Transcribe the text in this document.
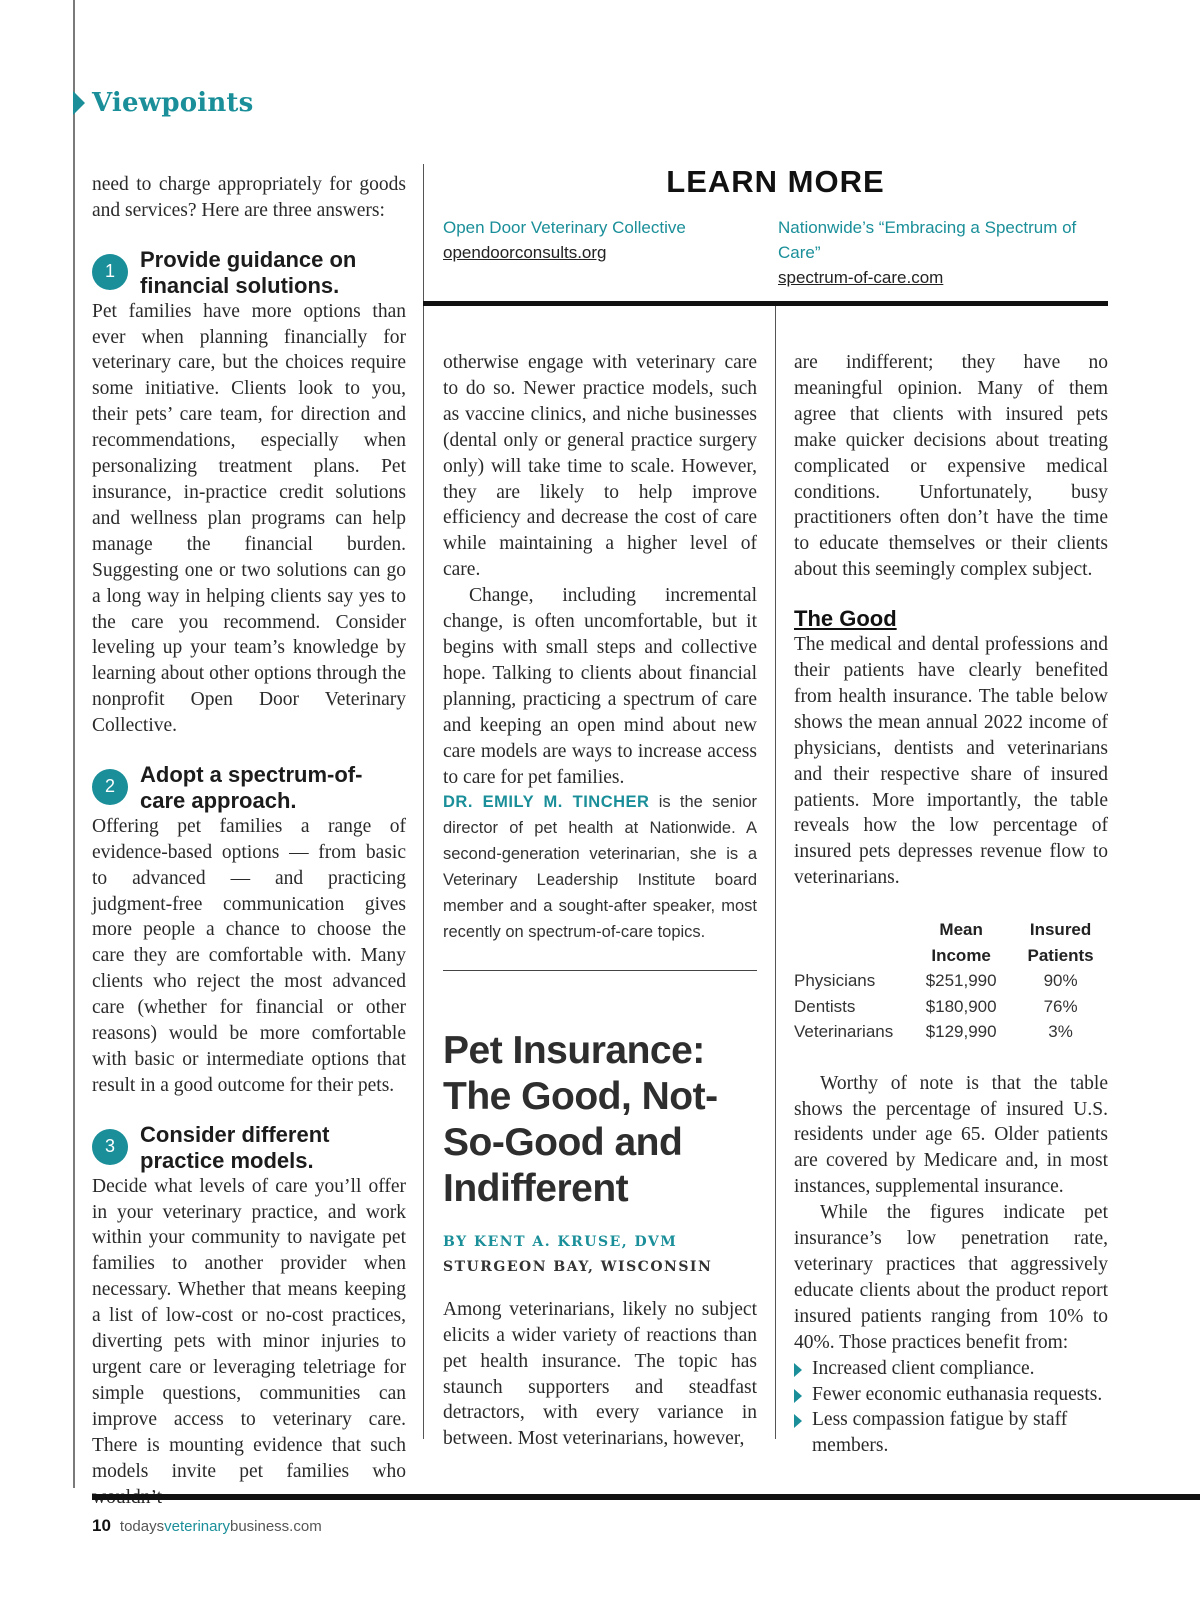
Viewpoints

need to charge appropriately for goods and services? Here are three answers:

1	Provide guidance on financial solutions.

Pet families have more options than ever when planning financially for veterinary care, but the choices require some initiative. Clients look to you, their pets’ care team, for direction and recommendations, especially when personalizing treatment plans. Pet insurance, in-practice credit solutions and wellness plan programs can help manage the financial burden. Suggesting one or two solutions can go a long way in helping clients say yes to the care you recommend. Consider leveling up your team’s knowledge by learning about other options through the nonprofit Open Door Veterinary Collective.

2	Adopt a spectrum-of-care approach.

Offering pet families a range of evidence-based options — from basic to advanced — and practicing judgment-free communication gives more people a chance to choose the care they are comfortable with. Many clients who reject the most advanced care (whether for financial or other reasons) would be more comfortable with basic or intermediate options that result in a good outcome for their pets.

3	Consider different practice models.

Decide what levels of care you’ll offer in your veterinary practice, and work within your community to navigate pet families to another provider when necessary. Whether that means keeping a list of low-cost or no-cost practices, diverting pets with minor injuries to urgent care or leveraging teletriage for simple questions, communities can improve access to veterinary care. There is mounting evidence that such models invite pet families who

LEARN MORE
Open Door Veterinary Collective
opendoorconsults.org
Nationwide’s “Embracing a Spectrum of Care”
spectrum-of-care.com

otherwise engage with veterinary care to do so. Newer practice models, such as vaccine clinics, and niche businesses (dental only or general practice surgery only) will take time to scale. However, they are likely to help improve efficiency and decrease the cost of care while maintaining a higher level of care.

Change, including incremental change, is often uncomfortable, but it begins with small steps and collective hope. Talking to clients about financial planning, practicing a spectrum of care and keeping an open mind about new care models are ways to increase access to care for pet families.

DR. EMILY M. TINCHER is the senior director of pet health at Nationwide. A second-generation veterinarian, she is a Veterinary Leadership Institute board member and a sought-after speaker, most recently on spectrum-of-care topics.

Pet Insurance: The Good, Not-So-Good and Indifferent
BY KENT A. KRUSE, DVM
STURGEON BAY, WISCONSIN

Among veterinarians, likely no subject elicits a wider variety of reactions than pet health insurance. The topic has staunch supporters and steadfast detractors, with every variance in between. Most veterinarians, however,

are indifferent; they have no meaningful opinion. Many of them agree that clients with insured pets make quicker decisions about treating complicated or expensive medical conditions. Unfortunately, busy practitioners often don’t have the time to educate themselves or their clients about this seemingly complex subject.

The Good

The medical and dental professions and their patients have clearly benefited from health insurance. The table below shows the mean annual 2022 income of physicians, dentists and veterinarians and their respective share of insured patients. More importantly, the table reveals how the low percentage of insured pets depresses revenue flow to veterinarians.

	Mean Income	Insured Patients
Physicians	$251,990	90%
Dentists	$180,900	76%
Veterinarians	$129,990	3%

Worthy of note is that the table shows the percentage of insured U.S. residents under age 65. Older patients are covered by Medicare and, in most instances, supplemental insurance.

While the figures indicate pet insurance’s low penetration rate, veterinary practices that aggressively educate clients about the product report insured patients ranging from 10% to 40%. Those practices benefit from:

Increased client compliance.
Fewer economic euthanasia requests.
Less compassion fatigue by staff members.
10 todaysveterinarybusiness.com
